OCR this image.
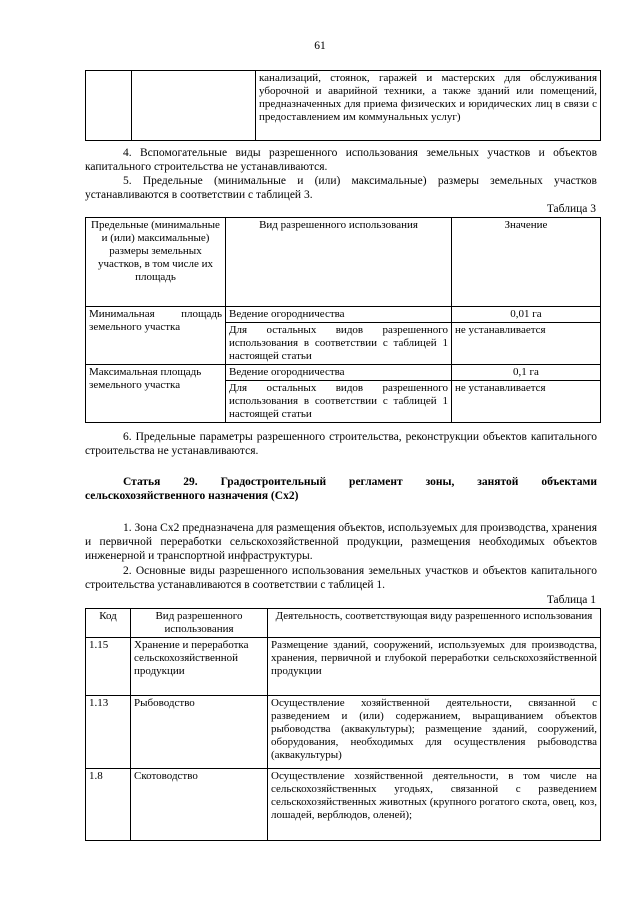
61
		канализаций, стоянок, гаражей и мастерских для обслуживания уборочной и аварийной техники, а также зданий или помещений, предназначенных для приема физических и юридических лиц в связи с предоставлением им коммунальных услуг)
4. Вспомогательные виды разрешенного использования земельных участков и объектов капитального строительства не устанавливаются.
5. Предельные (минимальные и (или) максимальные) размеры земельных участков устанавливаются в соответствии с таблицей 3.
Таблица 3
Предельные (минимальные и (или) максимальные) размеры земельных участков, в том числе их площадь	Вид разрешенного использования	Значение
Минимальная площадь земельного участка	Ведение огородничества	0,01 га
	Для остальных видов разрешенного использования в соответствии с таблицей 1 настоящей статьи	не устанавливается
Максимальная площадь земельного участка	Ведение огородничества	0,1 га
	Для остальных видов разрешенного использования в соответствии с таблицей 1 настоящей статьи	не устанавливается
6. Предельные параметры разрешенного строительства, реконструкции объектов капитального строительства не устанавливаются.
Статья 29. Градостроительный регламент зоны, занятой объектами сельскохозяйственного назначения (Сх2)
1. Зона Сх2 предназначена для размещения объектов, используемых для производства, хранения и первичной переработки сельскохозяйственной продукции, размещения необходимых объектов инженерной и транспортной инфраструктуры.
2. Основные виды разрешенного использования земельных участков и объектов капитального строительства устанавливаются в соответствии с таблицей 1.
Таблица 1
Код	Вид разрешенного использования	Деятельность, соответствующая виду разрешенного использования
1.15	Хранение и переработка сельскохозяйственной продукции	Размещение зданий, сооружений, используемых для производства, хранения, первичной и глубокой переработки сельскохозяйственной продукции
1.13	Рыбоводство	Осуществление хозяйственной деятельности, связанной с разведением и (или) содержанием, выращиванием объектов рыбоводства (аквакультуры); размещение зданий, сооружений, оборудования, необходимых для осуществления рыбоводства (аквакультуры)
1.8	Скотоводство	Осуществление хозяйственной деятельности, в том числе на сельскохозяйственных угодьях, связанной с разведением сельскохозяйственных животных (крупного рогатого скота, овец, коз, лошадей, верблюдов, оленей);
